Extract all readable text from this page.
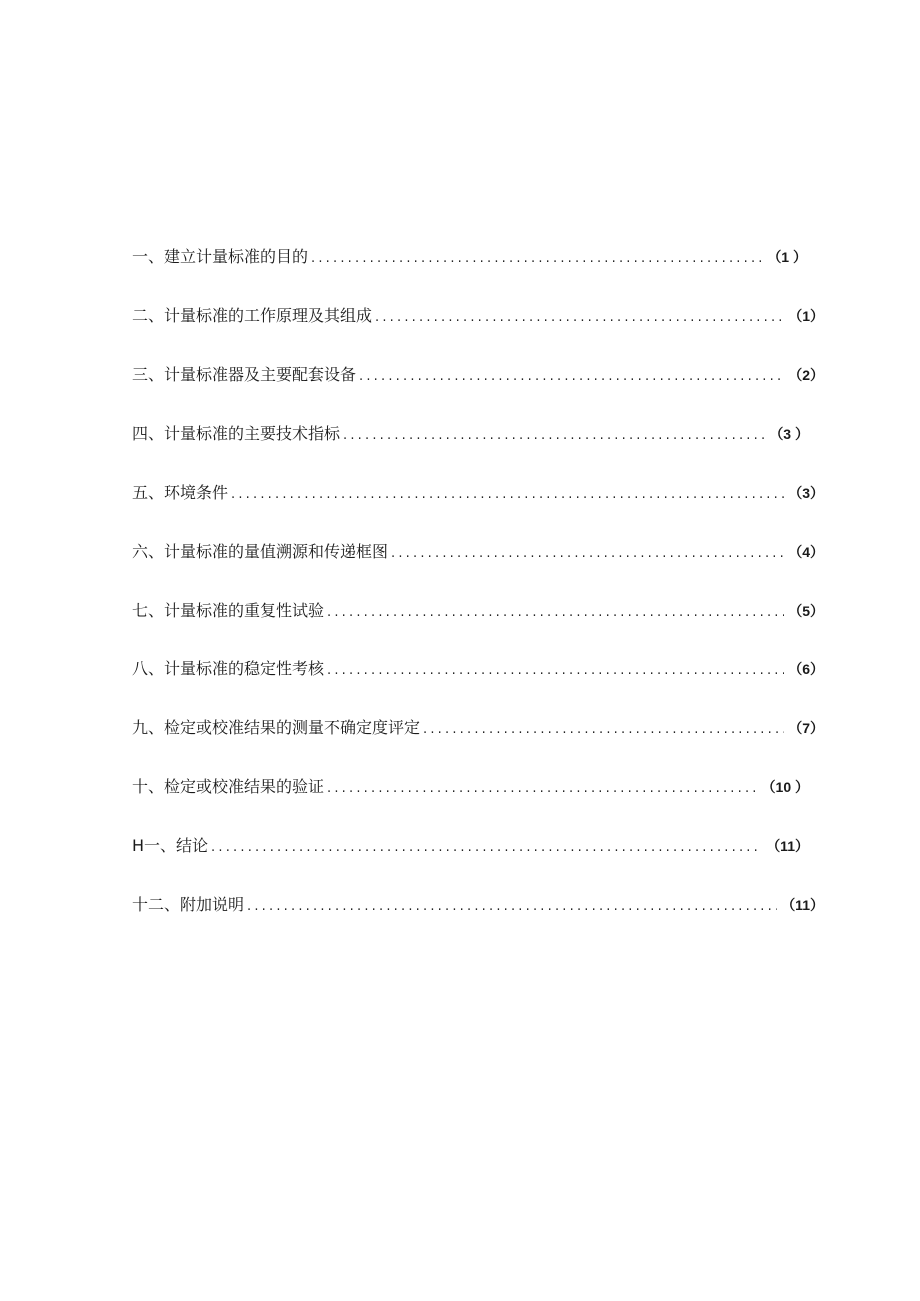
一、建立计量标准的目的 .....	（1 ）
二、计量标准的工作原理及其组成 .....	（1）
三、计量标准器及主要配套设备 .....	（2）
四、计量标准的主要技术指标 .....	（3 ）
五、环境条件 .....	（3）
六、计量标准的量值溯源和传递框图 .....	（4）
七、计量标准的重复性试验 .....	（5）
八、计量标准的稳定性考核 .....	（6）
九、检定或校准结果的测量不确定度评定 .....	（7）
十、检定或校准结果的验证 .....	（10 ）
H一、结论 .....	（11）
十二、附加说明 .....	（11）
